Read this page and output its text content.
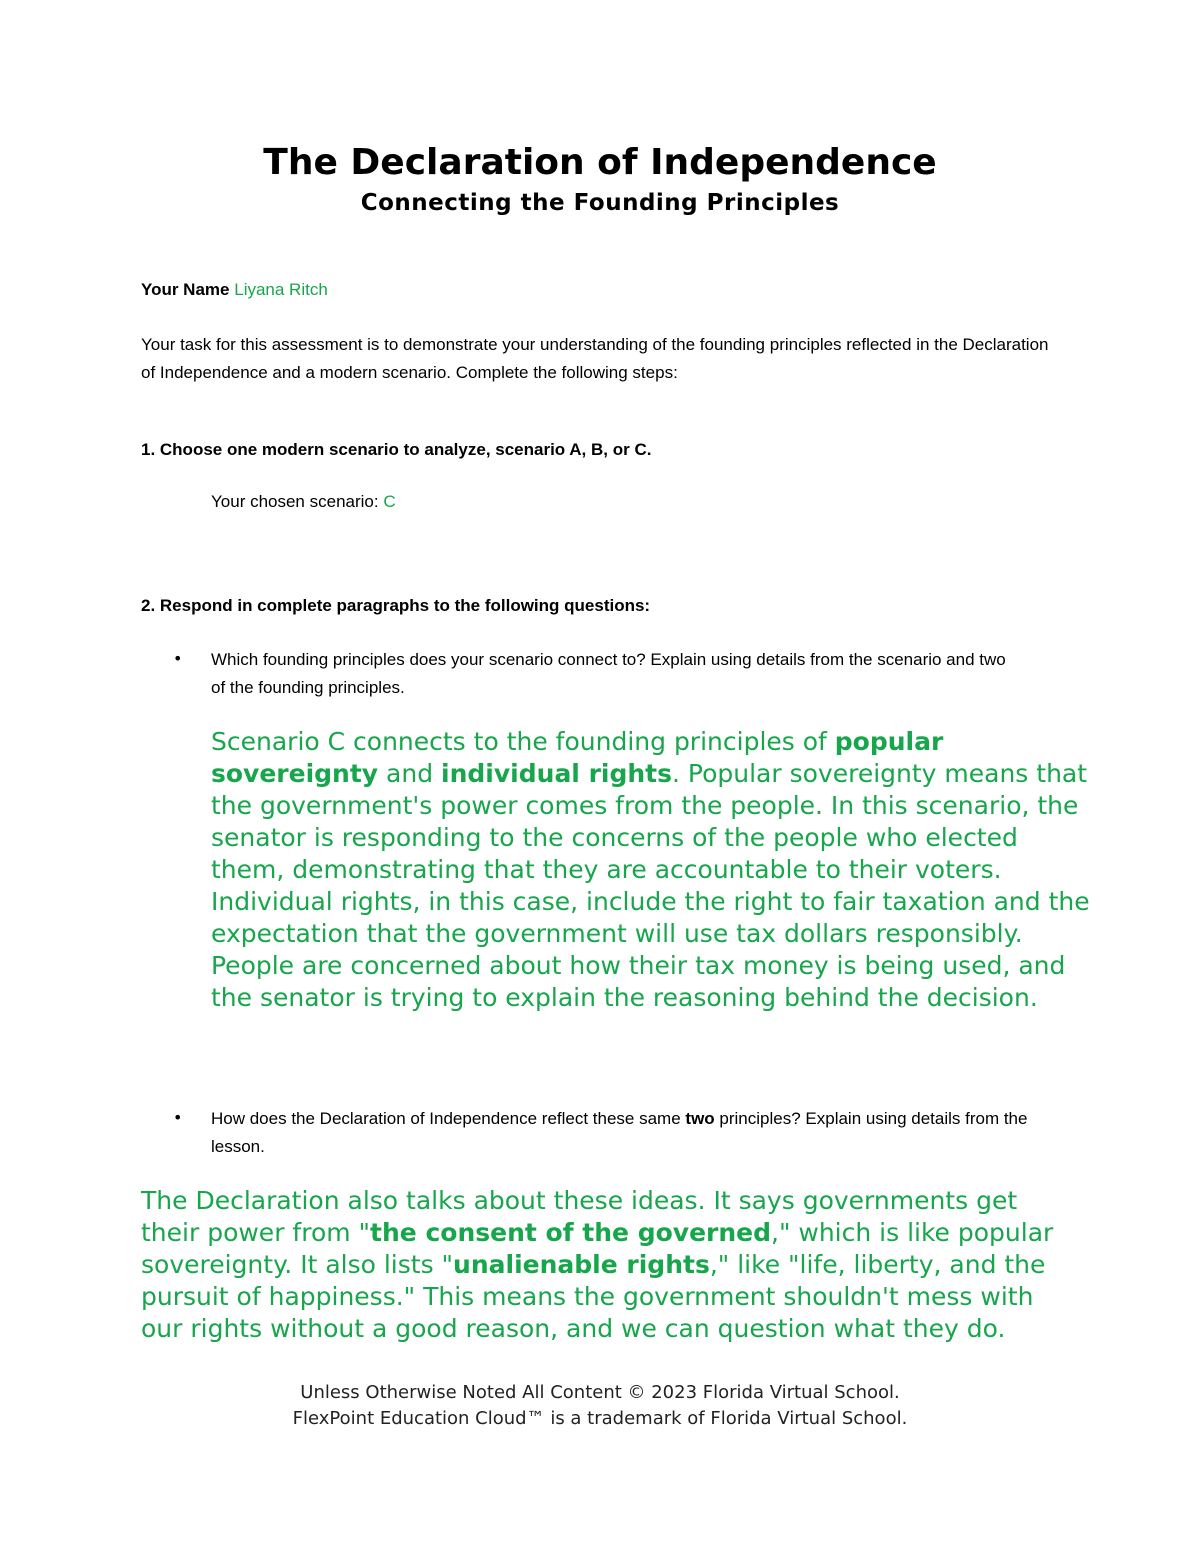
The Declaration of Independence
Connecting the Founding Principles
Your Name Liyana Ritch
Your task for this assessment is to demonstrate your understanding of the founding principles reflected in the Declaration of Independence and a modern scenario. Complete the following steps:
1. Choose one modern scenario to analyze, scenario A, B, or C.
Your chosen scenario: C
2. Respond in complete paragraphs to the following questions:
• Which founding principles does your scenario connect to? Explain using details from the scenario and two of the founding principles.
Scenario C connects to the founding principles of popular sovereignty and individual rights. Popular sovereignty means that the government's power comes from the people. In this scenario, the senator is responding to the concerns of the people who elected them, demonstrating that they are accountable to their voters. Individual rights, in this case, include the right to fair taxation and the expectation that the government will use tax dollars responsibly. People are concerned about how their tax money is being used, and the senator is trying to explain the reasoning behind the decision.
• How does the Declaration of Independence reflect these same two principles? Explain using details from the lesson.
The Declaration also talks about these ideas. It says governments get their power from "the consent of the governed," which is like popular sovereignty. It also lists "unalienable rights," like "life, liberty, and the pursuit of happiness." This means the government shouldn't mess with our rights without a good reason, and we can question what they do.
Unless Otherwise Noted All Content © 2023 Florida Virtual School.
FlexPoint Education Cloud™ is a trademark of Florida Virtual School.
